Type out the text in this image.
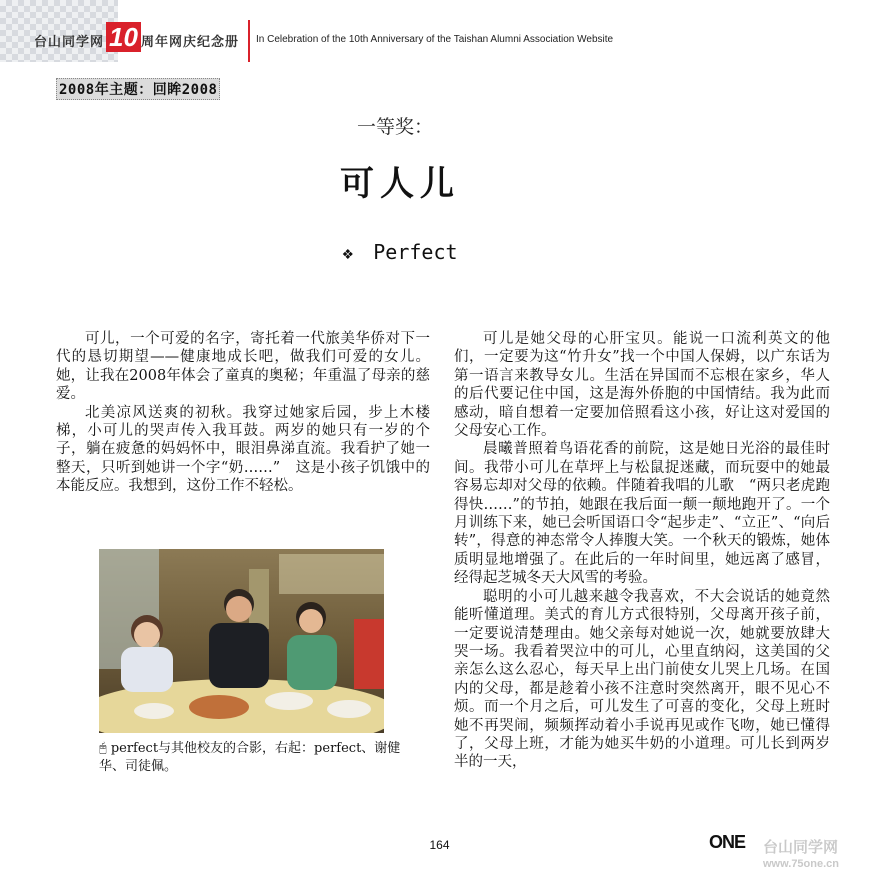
台山同学网 10 周年网庆纪念册 In Celebration of the 10th Anniversary of the Taishan Alumni Association Website
2008年主题：回眸2008
一等奖：
可人儿
❖ Perfect

可儿，一个可爱的名字，寄托着一代旅美华侨对下一代的恳切期望——健康地成长吧，做我们可爱的女儿。她，让我在2008年体会了童真的奥秘；年重温了母亲的慈爱。

北美凉风送爽的初秋。我穿过她家后园，步上木楼梯，小可儿的哭声传入我耳鼓。两岁的她只有一岁的个子，躺在疲惫的妈妈怀中，眼泪鼻涕直流。我看护了她一整天，只听到她讲一个字“奶……”　这是小孩子饥饿中的本能反应。我想到，这份工作不轻松。

🖰 perfect与其他校友的合影，右起：perfect、谢健华、司徒佩。

可儿是她父母的心肝宝贝。能说一口流利英文的他们，一定要为这“竹升女”找一个中国人保姆，以广东话为第一语言来教导女儿。生活在异国而不忘根在家乡，华人的后代要记住中国，这是海外侨胞的中国情结。我为此而感动，暗自想着一定要加倍照看这小孩，好让这对爱国的父母安心工作。

晨曦普照着鸟语花香的前院，这是她日光浴的最佳时间。我带小可儿在草坪上与松鼠捉迷藏，而玩耍中的她最容易忘却对父母的依赖。伴随着我唱的儿歌　“两只老虎跑得快……”的节拍，她跟在我后面一颠一颠地跑开了。一个月训练下来，她已会听国语口令“起步走”、“立正”、“向后转”，得意的神态常令人捧腹大笑。一个秋天的锻炼，她体质明显地增强了。在此后的一年时间里，她远离了感冒，经得起芝城冬天大风雪的考验。

聪明的小可儿越来越令我喜欢，不大会说话的她竟然能听懂道理。美式的育儿方式很特别，父母离开孩子前，一定要说清楚理由。她父亲每对她说一次，她就要放肆大哭一场。我看着哭泣中的可儿，心里直纳闷，这美国的父亲怎么这么忍心，每天早上出门前使女儿哭上几场。在国内的父母，都是趁着小孩不注意时突然离开，眼不见心不烦。而一个月之后，可儿发生了可喜的变化，父母上班时她不再哭闹，频频挥动着小手说再见或作飞吻，她已懂得了，父母上班，才能为她买牛奶的小道理。可儿长到两岁半的一天，

164	ONE 台山同学网
www.75one.cn
